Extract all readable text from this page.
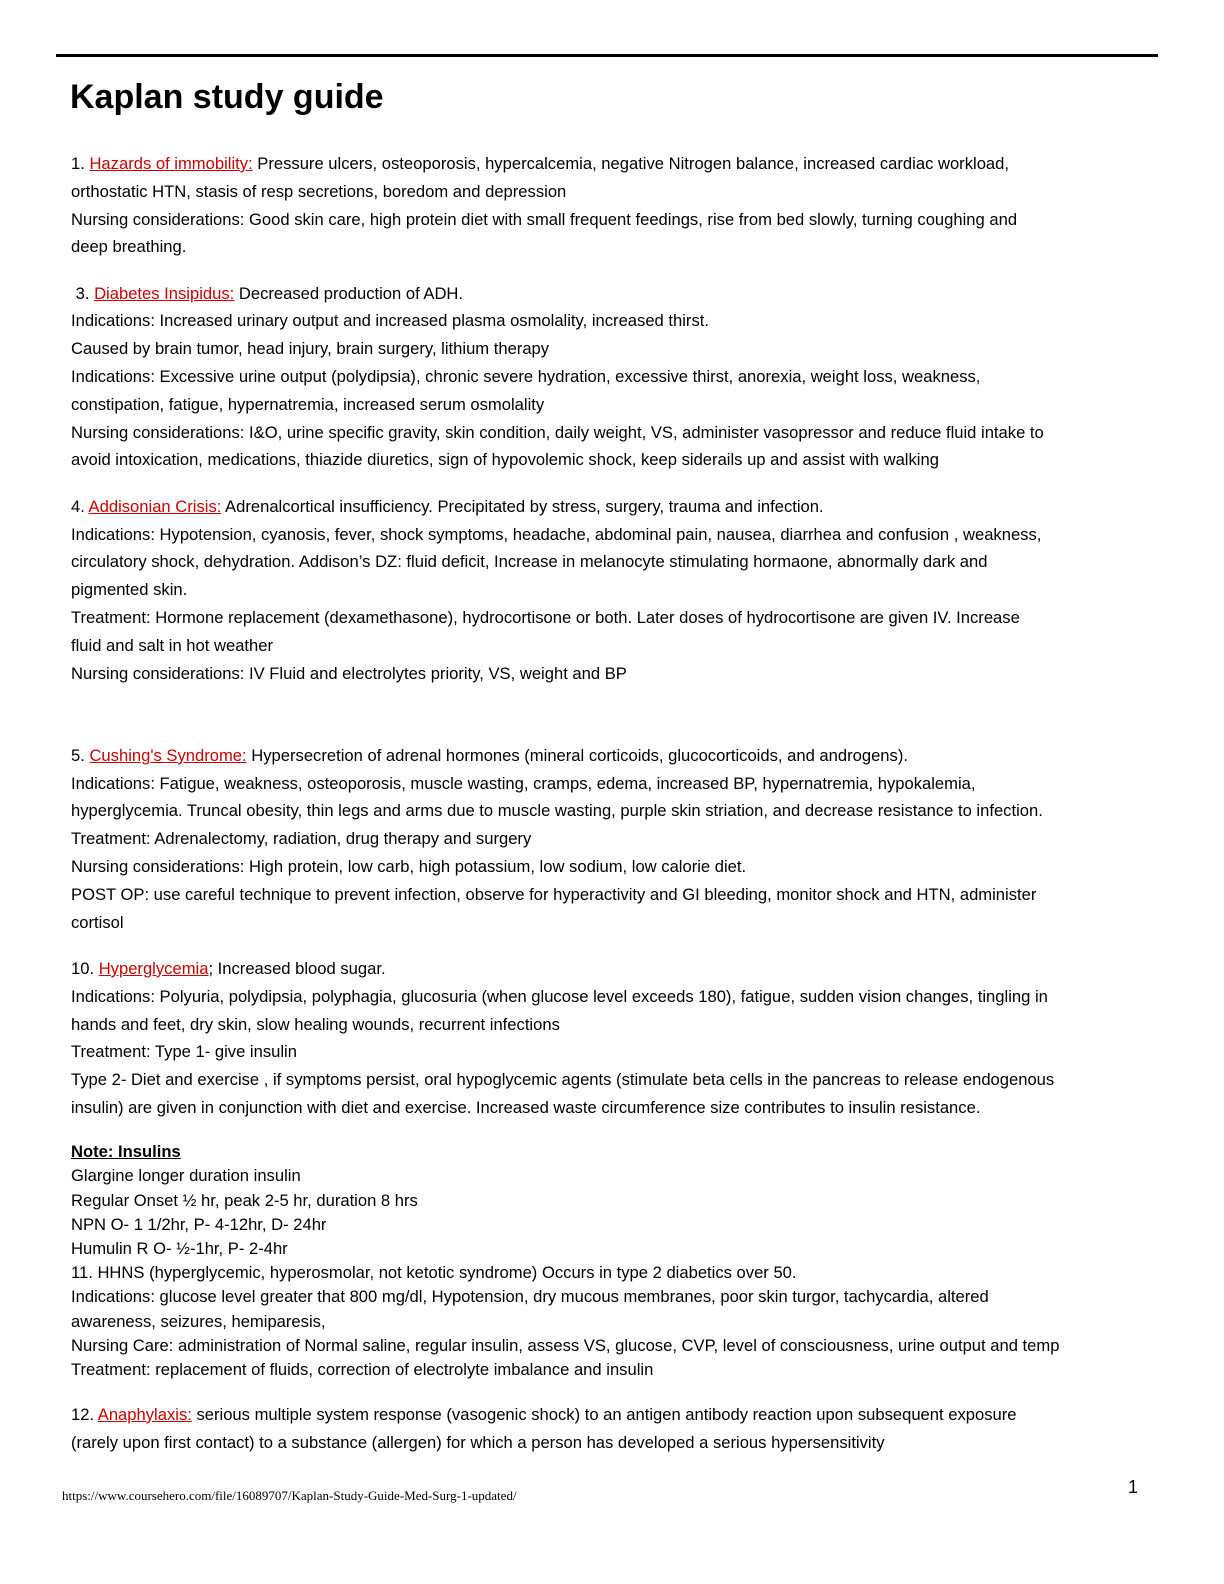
Kaplan study guide
1. Hazards of immobility: Pressure ulcers, osteoporosis, hypercalcemia, negative Nitrogen balance, increased cardiac workload,
orthostatic HTN, stasis of resp secretions, boredom and depression
Nursing considerations: Good skin care, high protein diet with small frequent feedings, rise from bed slowly, turning coughing and
deep breathing.
3. Diabetes Insipidus: Decreased production of ADH.
Indications: Increased urinary output and increased plasma osmolality, increased thirst.
Caused by brain tumor, head injury, brain surgery, lithium therapy
Indications: Excessive urine output (polydipsia), chronic severe hydration, excessive thirst, anorexia, weight loss, weakness,
constipation, fatigue, hypernatremia, increased serum osmolality
Nursing considerations: I&O, urine specific gravity, skin condition, daily weight, VS, administer vasopressor and reduce fluid intake to
avoid intoxication, medications, thiazide diuretics, sign of hypovolemic shock, keep siderails up and assist with walking
4. Addisonian Crisis: Adrenalcortical insufficiency. Precipitated by stress, surgery, trauma and infection.
Indications: Hypotension, cyanosis, fever, shock symptoms, headache, abdominal pain, nausea, diarrhea and confusion , weakness,
circulatory shock, dehydration. Addison’s DZ: fluid deficit, Increase in melanocyte stimulating hormaone, abnormally dark and
pigmented skin.
Treatment: Hormone replacement (dexamethasone), hydrocortisone or both. Later doses of hydrocortisone are given IV. Increase
fluid and salt in hot weather
Nursing considerations: IV Fluid and electrolytes priority, VS, weight and BP
5. Cushing's Syndrome: Hypersecretion of adrenal hormones (mineral corticoids, glucocorticoids, and androgens).
Indications: Fatigue, weakness, osteoporosis, muscle wasting, cramps, edema, increased BP, hypernatremia, hypokalemia,
hyperglycemia. Truncal obesity, thin legs and arms due to muscle wasting, purple skin striation, and decrease resistance to infection.
Treatment: Adrenalectomy, radiation, drug therapy and surgery
Nursing considerations: High protein, low carb, high potassium, low sodium, low calorie diet.
POST OP: use careful technique to prevent infection, observe for hyperactivity and GI bleeding, monitor shock and HTN, administer
cortisol
10. Hyperglycemia; Increased blood sugar.
Indications: Polyuria, polydipsia, polyphagia, glucosuria (when glucose level exceeds 180), fatigue, sudden vision changes, tingling in
hands and feet, dry skin, slow healing wounds, recurrent infections
Treatment: Type 1- give insulin
Type 2- Diet and exercise , if symptoms persist, oral hypoglycemic agents (stimulate beta cells in the pancreas to release endogenous
insulin) are given in conjunction with diet and exercise. Increased waste circumference size contributes to insulin resistance.
Note: Insulins
Glargine longer duration insulin
Regular Onset ½ hr, peak 2-5 hr, duration 8 hrs
NPN O- 1 1/2hr, P- 4-12hr, D- 24hr
Humulin R O- ½-1hr, P- 2-4hr
11. HHNS (hyperglycemic, hyperosmolar, not ketotic syndrome) Occurs in type 2 diabetics over 50.
Indications: glucose level greater that 800 mg/dl, Hypotension, dry mucous membranes, poor skin turgor, tachycardia, altered
awareness, seizures, hemiparesis,
Nursing Care: administration of Normal saline, regular insulin, assess VS, glucose, CVP, level of consciousness, urine output and temp
Treatment: replacement of fluids, correction of electrolyte imbalance and insulin
12. Anaphylaxis: serious multiple system response (vasogenic shock) to an antigen antibody reaction upon subsequent exposure
(rarely upon first contact) to a substance (allergen) for which a person has developed a serious hypersensitivity
https://www.coursehero.com/file/16089707/Kaplan-Study-Guide-Med-Surg-1-updated/	1
